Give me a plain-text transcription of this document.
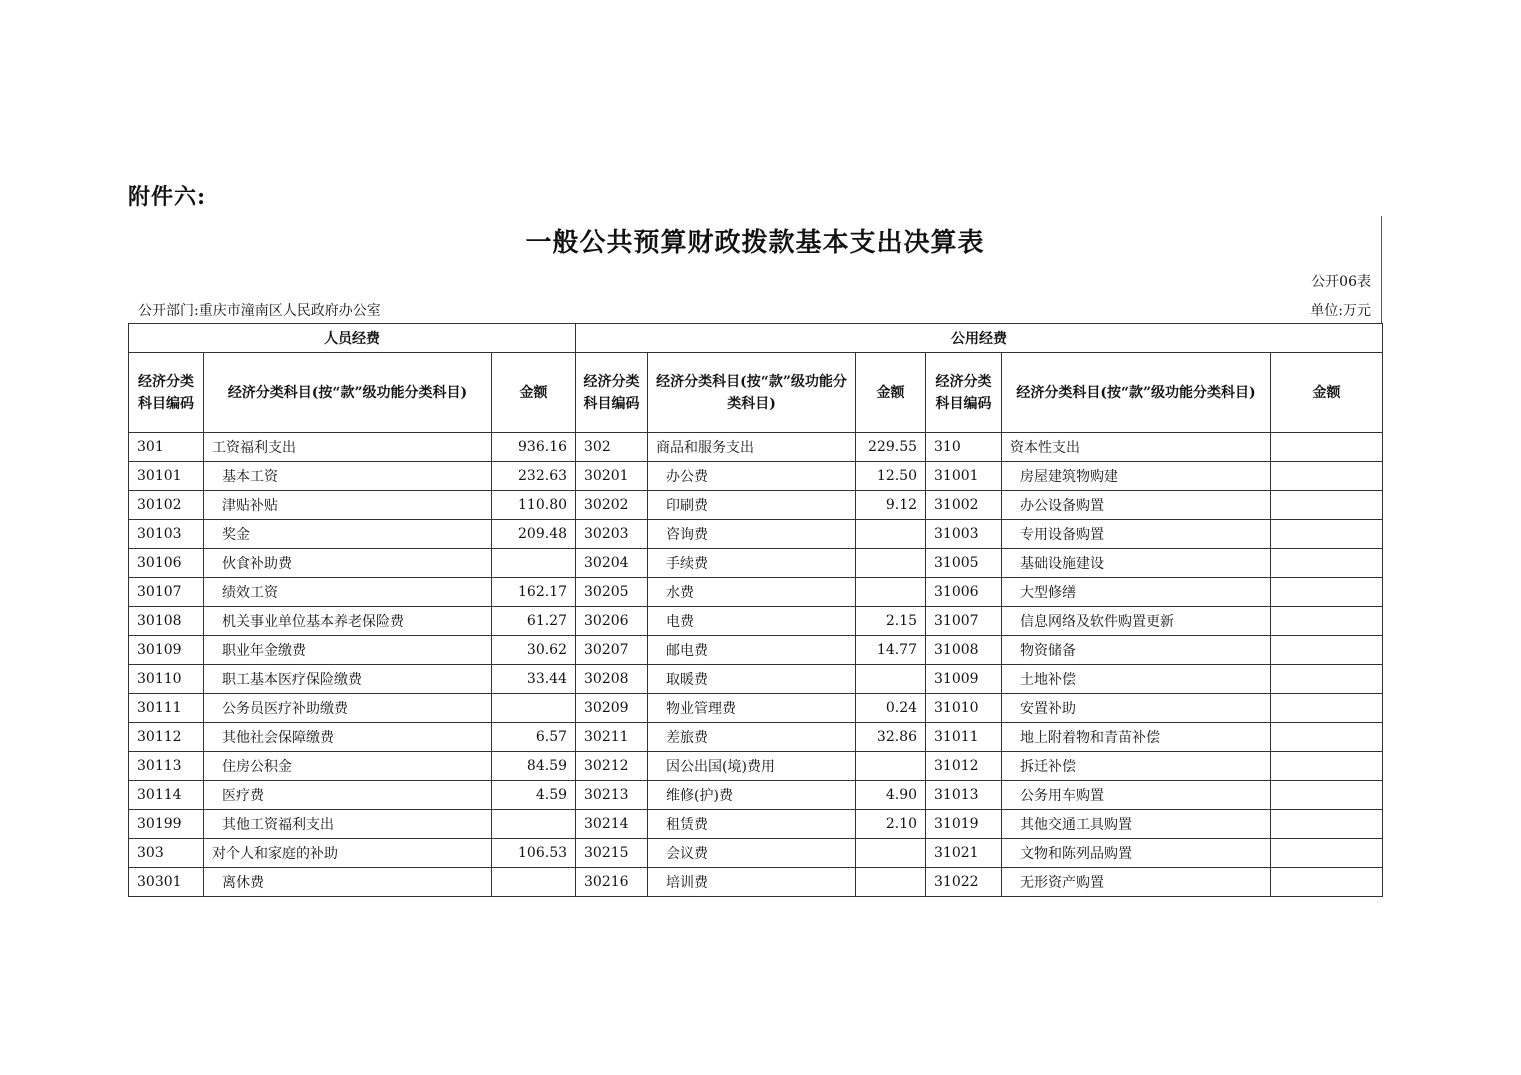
附件六:
一般公共预算财政拨款基本支出决算表
公开06表
公开部门:重庆市潼南区人民政府办公室	单位:万元
人员经费			公用经费					
经济分类科目编码	经济分类科目(按“款”级功能分类科目)	金额	经济分类科目编码	经济分类科目(按“款”级功能分类科目)	金额	经济分类科目编码	经济分类科目(按“款”级功能分类科目)	金额
301	工资福利支出	936.16	302	商品和服务支出	229.55	310	资本性支出	
30101	基本工资	232.63	30201	办公费	12.50	31001	房屋建筑物购建	
30102	津贴补贴	110.80	30202	印刷费	9.12	31002	办公设备购置	
30103	奖金	209.48	30203	咨询费		31003	专用设备购置	
30106	伙食补助费		30204	手续费		31005	基础设施建设	
30107	绩效工资	162.17	30205	水费		31006	大型修缮	
30108	机关事业单位基本养老保险费	61.27	30206	电费	2.15	31007	信息网络及软件购置更新	
30109	职业年金缴费	30.62	30207	邮电费	14.77	31008	物资储备	
30110	职工基本医疗保险缴费	33.44	30208	取暖费		31009	土地补偿	
30111	公务员医疗补助缴费		30209	物业管理费	0.24	31010	安置补助	
30112	其他社会保障缴费	6.57	30211	差旅费	32.86	31011	地上附着物和青苗补偿	
30113	住房公积金	84.59	30212	因公出国(境)费用		31012	拆迁补偿	
30114	医疗费	4.59	30213	维修(护)费	4.90	31013	公务用车购置	
30199	其他工资福利支出		30214	租赁费	2.10	31019	其他交通工具购置	
303	对个人和家庭的补助	106.53	30215	会议费		31021	文物和陈列品购置	
30301	离休费		30216	培训费		31022	无形资产购置	
